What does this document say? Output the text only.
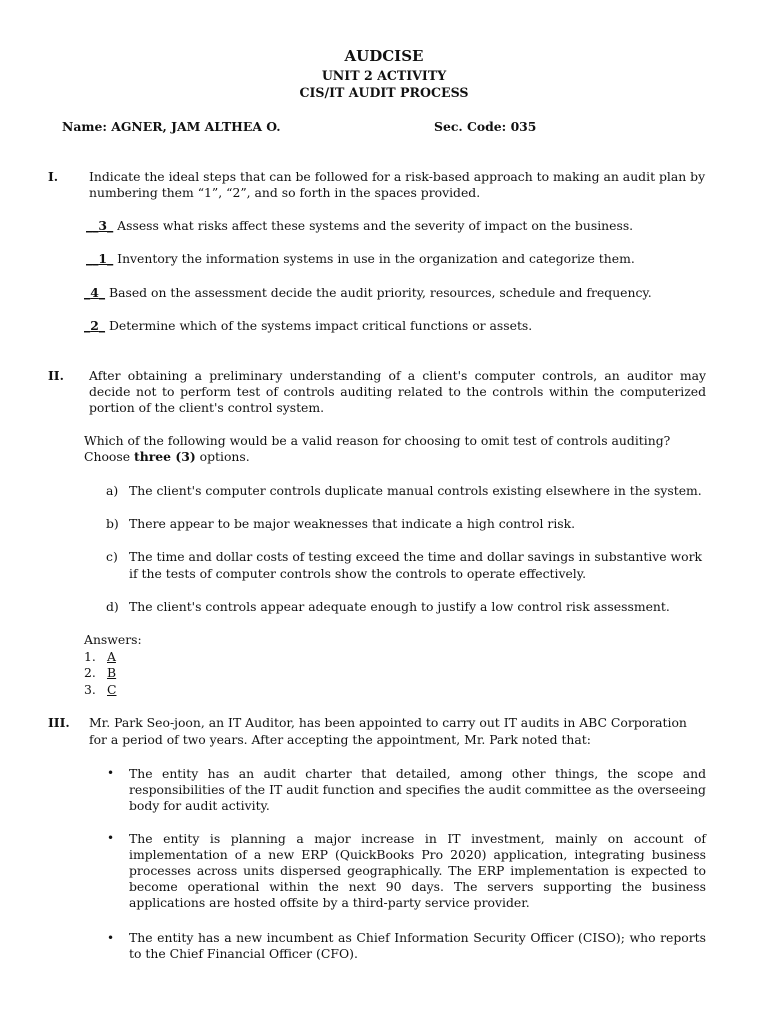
AUDCISE

UNIT 2 ACTIVITY

CIS/IT AUDIT PROCESS

Name: AGNER, JAM ALTHEA O.	Sec. Code: 035

I. Indicate the ideal steps that can be followed for a risk-based approach to making an audit plan by

numbering them “1”, “2”, and so forth in the spaces provided.

__3_ Assess what risks affect these systems and the severity of impact on the business.

__1_ Inventory the information systems in use in the organization and categorize them.

_4_ Based on the assessment decide the audit priority, resources, schedule and frequency.

_2_ Determine which of the systems impact critical functions or assets.

II. After obtaining a preliminary understanding of a client's computer controls, an auditor may decide not to perform test of controls auditing related to the controls within the computerized portion of the client's control system.

Which of the following would be a valid reason for choosing to omit test of controls auditing?

Choose three (3) options.

a) The client's computer controls duplicate manual controls existing elsewhere in the system.

b) There appear to be major weaknesses that indicate a high control risk.

c) The time and dollar costs of testing exceed the time and dollar savings in substantive work

if the tests of computer controls show the controls to operate effectively.

d) The client's controls appear adequate enough to justify a low control risk assessment.

Answers:

1. A

2. B

3. C

III. Mr. Park Seo-joon, an IT Auditor, has been appointed to carry out IT audits in ABC Corporation

for a period of two years. After accepting the appointment, Mr. Park noted that:

• The entity has an audit charter that detailed, among other things, the scope and responsibilities of the IT audit function and specifies the audit committee as the overseeing body for audit activity.

• The entity is planning a major increase in IT investment, mainly on account of implementation of a new ERP (QuickBooks Pro 2020) application, integrating business processes across units dispersed geographically. The ERP implementation is expected to become operational within the next 90 days. The servers supporting the business applications are hosted offsite by a third-party service provider.

• The entity has a new incumbent as Chief Information Security Officer (CISO); who reports to the Chief Financial Officer (CFO).
